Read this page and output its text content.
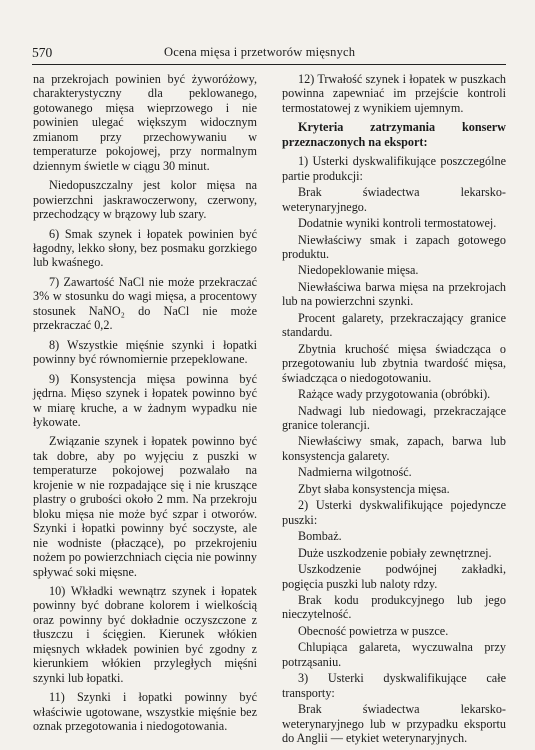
570	Ocena mięsa i przetworów mięsnych

na przekrojach powinien być żyworóżowy, charakterystyczny dla peklowanego, gotowanego mięsa wieprzowego i nie powinien ulegać większym widocznym zmianom przy przechowywaniu w temperaturze pokojowej, przy normalnym dziennym świetle w ciągu 30 minut.

Niedopuszczalny jest kolor mięsa na powierzchni jaskrawoczerwony, czerwony, przechodzący w brązowy lub szary.

6) Smak szynek i łopatek powinien być łagodny, lekko słony, bez posmaku gorzkiego lub kwaśnego.

7) Zawartość NaCl nie może przekraczać 3% w stosunku do wagi mięsa, a procentowy stosunek NaNO₂ do NaCl nie może przekraczać 0,2.

8) Wszystkie mięśnie szynki i łopatki powinny być równomiernie przepeklowane.

9) Konsystencja mięsa powinna być jędrna. Mięso szynek i łopatek powinno być w miarę kruche, a w żadnym wypadku nie łykowate.

Związanie szynek i łopatek powinno być tak dobre, aby po wyjęciu z puszki w temperaturze pokojowej pozwalało na krojenie w nie rozpadające się i nie kruszące plastry o grubości około 2 mm. Na przekroju bloku mięsa nie może być szpar i otworów. Szynki i łopatki powinny być soczyste, ale nie wodniste (płaczące), po przekrojeniu nożem po powierzchniach cięcia nie powinny spływać soki mięsne.

10) Wkładki wewnątrz szynek i łopatek powinny być dobrane kolorem i wielkością oraz powinny być dokładnie oczyszczone z tłuszczu i ścięgien. Kierunek włókien mięsnych wkładek powinien być zgodny z kierunkiem włókien przyległych mięśni szynki lub łopatki.

11) Szynki i łopatki powinny być właściwie ugotowane, wszystkie mięśnie bez oznak przegotowania i niedogotowania.

12) Trwałość szynek i łopatek w puszkach powinna zapewniać im przejście kontroli termostatowej z wynikiem ujemnym.

Kryteria zatrzymania konserw przeznaczonych na eksport:

1) Usterki dyskwalifikujące poszczególne partie produkcji:

Brak świadectwa lekarsko-weterynaryjnego.

Dodatnie wyniki kontroli termostatowej.

Niewłaściwy smak i zapach gotowego produktu.

Niedopeklowanie mięsa.

Niewłaściwa barwa mięsa na przekrojach lub na powierzchni szynki.

Procent galarety, przekraczający granice standardu.

Zbytnia kruchość mięsa świadcząca o przegotowaniu lub zbytnia twardość mięsa, świadcząca o niedogotowaniu.

Rażące wady przygotowania (obróbki).

Nadwagi lub niedowagi, przekraczające granice tolerancji.

Niewłaściwy smak, zapach, barwa lub konsystencja galarety.

Nadmierna wilgotność.

Zbyt słaba konsystencja mięsa.

2) Usterki dyskwalifikujące pojedyncze puszki:

Bombaż.

Duże uszkodzenie pobiały zewnętrznej.

Uszkodzenie podwójnej zakładki, pogięcia puszki lub naloty rdzy.

Brak kodu produkcyjnego lub jego nieczytelność.

Obecność powietrza w puszce.

Chlupiąca galareta, wyczuwalna przy potrząsaniu.

3) Usterki dyskwalifikujące całe transporty:

Brak świadectwa lekarsko-weterynaryjnego lub w przypadku eksportu do Anglii — etykiet weterynaryjnych.
